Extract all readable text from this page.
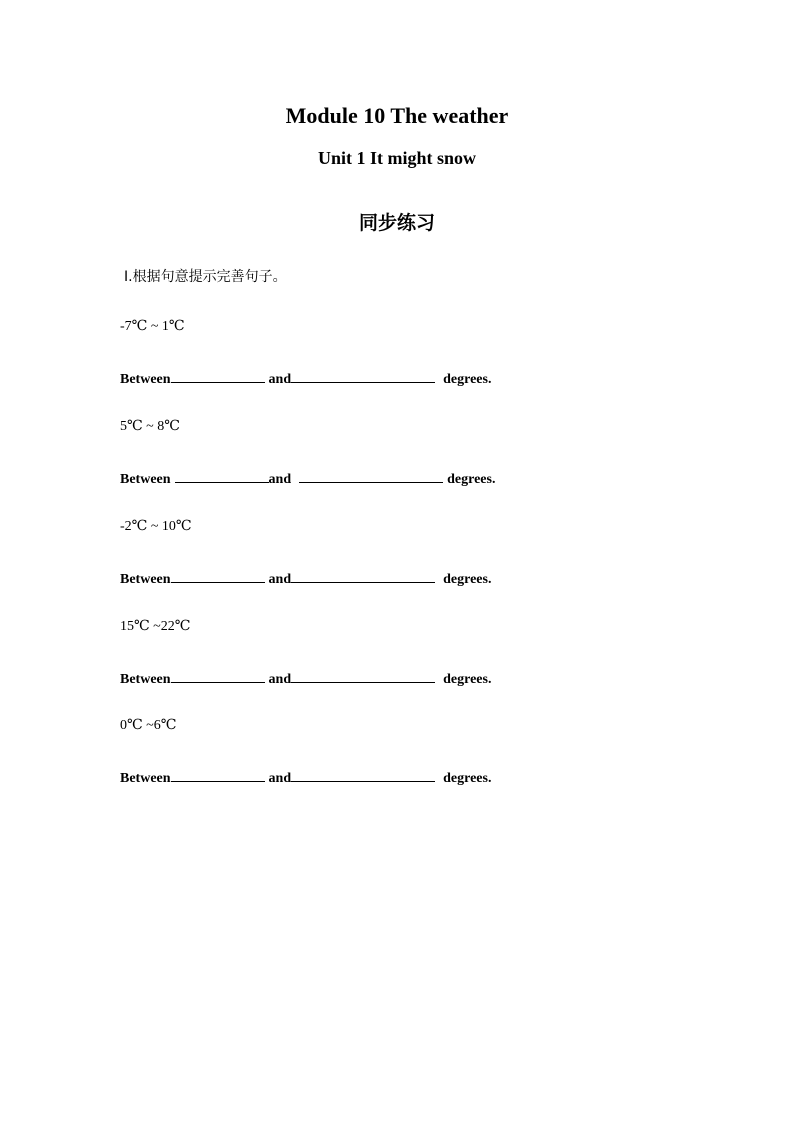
Module 10 The weather
Unit 1 It might snow
同步练习
Ⅰ.根据句意提示完善句子。
-7℃ ~ 1℃
Between	and	degrees.
5℃ ~ 8℃
Between	and	degrees.
-2℃ ~ 10℃
Between	and	degrees.
15℃ ~22℃
Between	and	degrees.
0℃ ~6℃
Between	and	degrees.
